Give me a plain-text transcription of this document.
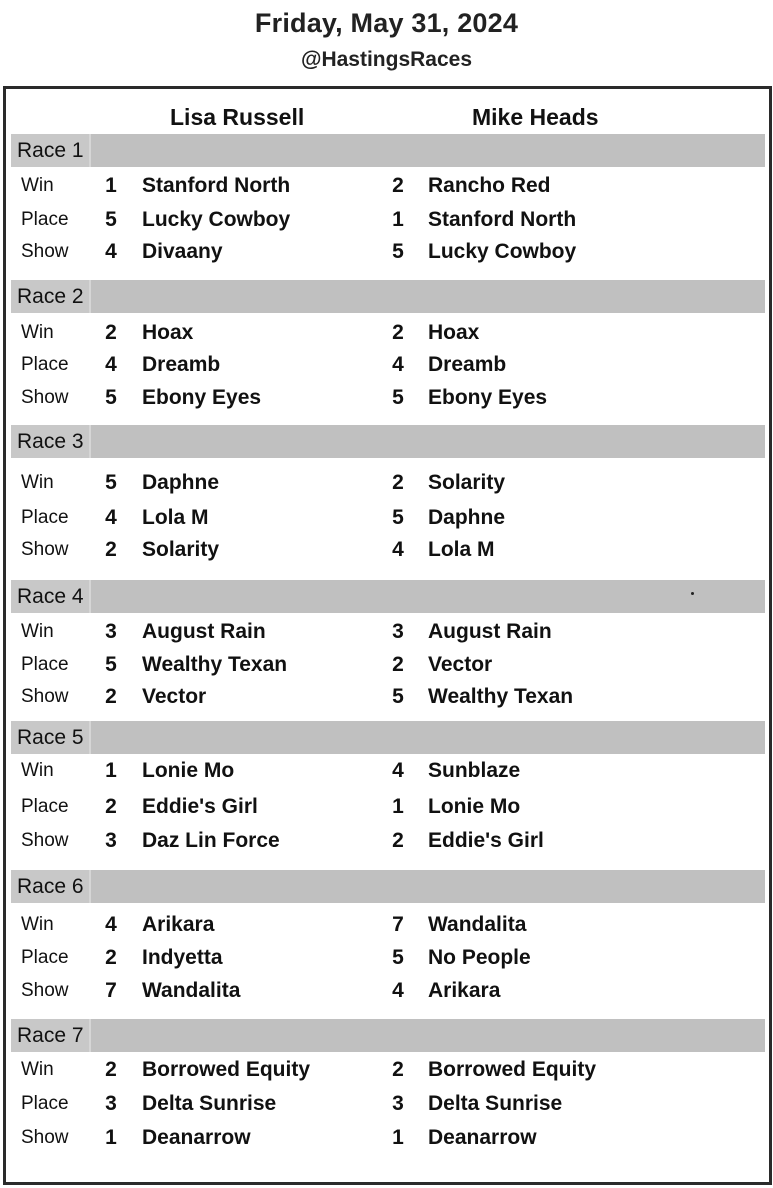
Friday, May 31, 2024
@HastingsRaces
Lisa Russell	Mike Heads
Race 1
Win 1 Stanford North	2 Rancho Red
Place 5 Lucky Cowboy	1 Stanford North
Show 4 Divaany	5 Lucky Cowboy
Race 2
Win 2 Hoax	2 Hoax
Place 4 Dreamb	4 Dreamb
Show 5 Ebony Eyes	5 Ebony Eyes
Race 3
Win 5 Daphne	2 Solarity
Place 4 Lola M	5 Daphne
Show 2 Solarity	4 Lola M
Race 4
Win 3 August Rain	3 August Rain
Place 5 Wealthy Texan	2 Vector
Show 2 Vector	5 Wealthy Texan
Race 5
Win 1 Lonie Mo	4 Sunblaze
Place 2 Eddie's Girl	1 Lonie Mo
Show 3 Daz Lin Force	2 Eddie's Girl
Race 6
Win 4 Arikara	7 Wandalita
Place 2 Indyetta	5 No People
Show 7 Wandalita	4 Arikara
Race 7
Win 2 Borrowed Equity	2 Borrowed Equity
Place 3 Delta Sunrise	3 Delta Sunrise
Show 1 Deanarrow	1 Deanarrow
